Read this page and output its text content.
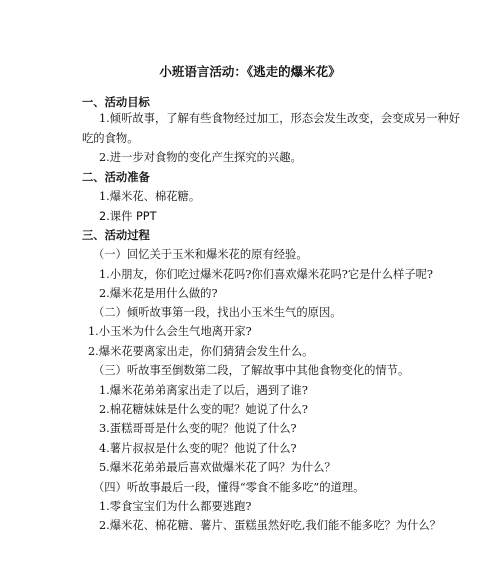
小班语言活动：《逃走的爆米花》
一、活动目标
1.倾听故事，了解有些食物经过加工，形态会发生改变，会变成另一种好
吃的食物。
2.进一步对食物的变化产生探究的兴趣。
二、活动准备
1.爆米花、棉花糖。
2.课件 PPT
三、活动过程
（一）回忆关于玉米和爆米花的原有经验。
1.小朋友，你们吃过爆米花吗?你们喜欢爆米花吗?它是什么样子呢?
2.爆米花是用什么做的?
（二）倾听故事第一段，找出小玉米生气的原因。
1.小玉米为什么会生气地离开家?
2.爆米花要离家出走，你们猜猜会发生什么。
（三）听故事至倒数第二段，了解故事中其他食物变化的情节。
1.爆米花弟弟离家出走了以后，遇到了谁?
2.棉花糖妹妹是什么变的呢？她说了什么?
3.蛋糕哥哥是什么变的呢？他说了什么?
4.薯片叔叔是什么变的呢？他说了什么?
5.爆米花弟弟最后喜欢做爆米花了吗？为什么？
（四）听故事最后一段，懂得“零食不能多吃”的道理。
1.零食宝宝们为什么都要逃跑?
2.爆米花、棉花糖、薯片、蛋糕虽然好吃,我们能不能多吃？为什么？
